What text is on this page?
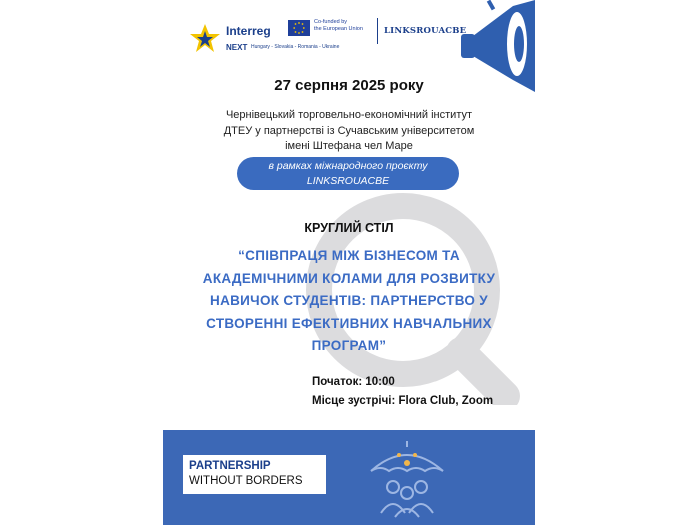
Interreg
NEXT Hungary - Slovakia - Romania - Ukraine
Co-funded by
the European Union LINKSROUACBE
27 серпня 2025 року
Чернівецький торговельно-економічний інститут
ДТЕУ у партнерстві із Сучавським університетом
імені Штефана чел Маре
в рамках міжнародного проєкту
LINKSROUACBE
КРУГЛИЙ СТІЛ
“СПІВПРАЦЯ МІЖ БІЗНЕСОМ ТА
АКАДЕМІЧНИМИ КОЛАМИ ДЛЯ РОЗВИТКУ
НАВИЧОК СТУДЕНТІВ: ПАРТНЕРСТВО У
СТВОРЕННІ ЕФЕКТИВНИХ НАВЧАЛЬНИХ
ПРОГРАМ”
Початок: 10:00
Місце зустрічі: Flora Club, Zoom
PARTNERSHIP
WITHOUT BORDERS
